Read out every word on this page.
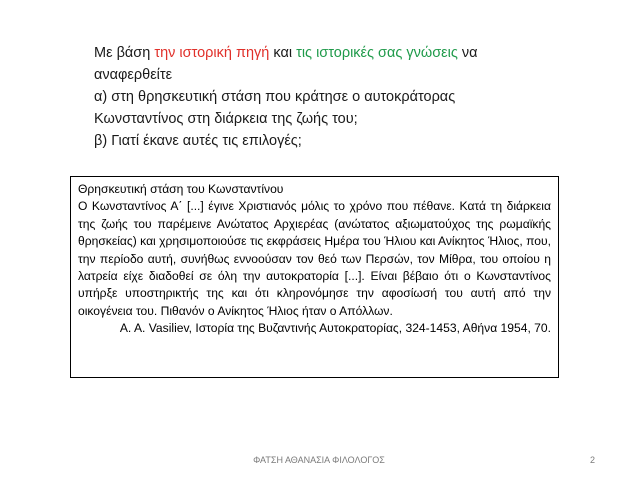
Με βάση την ιστορική πηγή και τις ιστορικές σας γνώσεις να
αναφερθείτε
α) στη θρησκευτική στάση που κράτησε ο αυτοκράτορας
Κωνσταντίνος στη διάρκεια της ζωής του;
β) Γιατί έκανε αυτές τις επιλογές;
Θρησκευτική στάση του Κωνσταντίνου

Ο Κωνσταντίνος Α΄ [...] έγινε Χριστιανός μόλις το χρόνο που πέθανε. Κατά τη διάρκεια της ζωής του παρέμεινε Ανώτατος Αρχιερέας (ανώτατος αξιωματούχος της ρωμαϊκής θρησκείας) και χρησιμοποιούσε τις εκφράσεις Ημέρα του Ήλιου και Ανίκητος Ήλιος, που, την περίοδο αυτή, συνήθως εννοούσαν τον θεό των Περσών, τον Μίθρα, του οποίου η λατρεία είχε διαδοθεί σε όλη την αυτοκρατορία [...]. Είναι βέβαιο ότι ο Κωνσταντίνος υπήρξε υποστηρικτής της και ότι κληρονόμησε την αφοσίωσή του αυτή από την οικογένεια του. Πιθανόν ο Ανίκητος Ήλιος ήταν ο Απόλλων.

A. A. Vasiliev, Ιστορία της Βυζαντινής Αυτοκρατορίας, 324-1453, Αθήνα 1954, 70.

ΦΑΤΣΗ ΑΘΑΝΑΣΙΑ ΦΙΛΟΛΟΓΟΣ	2
